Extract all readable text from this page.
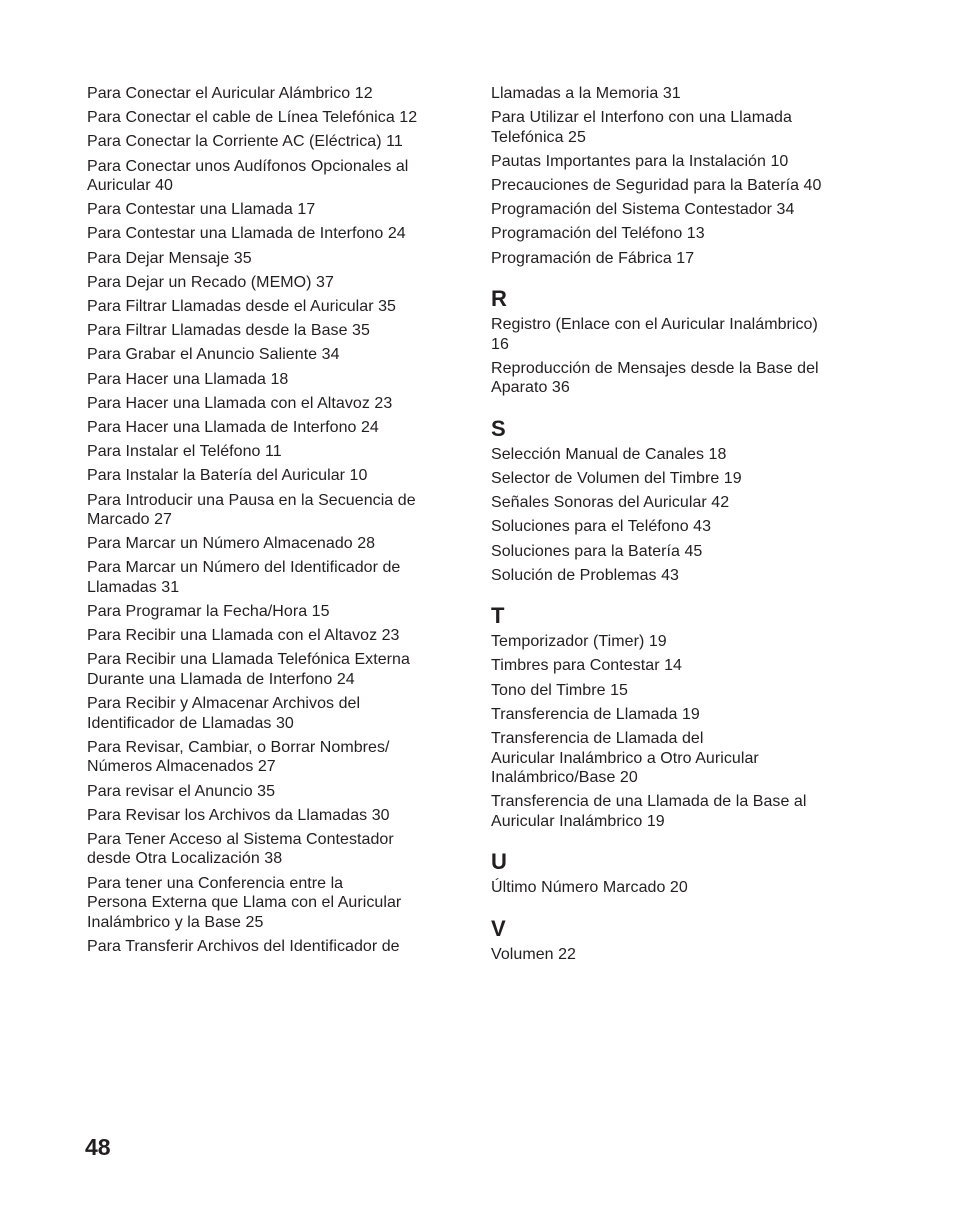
Para Conectar el Auricular Alámbrico 12
Para Conectar el cable de Línea Telefónica 12
Para Conectar la Corriente AC (Eléctrica) 11
Para Conectar unos Audífonos Opcionales al
Auricular 40
Para Contestar una Llamada 17
Para Contestar una Llamada de Interfono 24
Para Dejar Mensaje 35
Para Dejar un Recado (MEMO) 37
Para Filtrar Llamadas desde el Auricular 35
Para Filtrar Llamadas desde la Base 35
Para Grabar el Anuncio Saliente 34
Para Hacer una Llamada 18
Para Hacer una Llamada con el Altavoz 23
Para Hacer una Llamada de Interfono 24
Para Instalar el Teléfono 11
Para Instalar la Batería del Auricular 10
Para Introducir una Pausa en la Secuencia de
Marcado 27
Para Marcar un Número Almacenado 28
Para Marcar un Número del Identificador de
Llamadas 31
Para Programar la Fecha/Hora 15
Para Recibir una Llamada con el Altavoz 23
Para Recibir una Llamada Telefónica Externa
Durante una Llamada de Interfono 24
Para Recibir y Almacenar Archivos del
Identificador de Llamadas 30
Para Revisar, Cambiar, o Borrar Nombres/
Números Almacenados 27
Para revisar el Anuncio 35
Para Revisar los Archivos da Llamadas 30
Para Tener Acceso al Sistema Contestador
desde Otra Localización 38
Para tener una Conferencia entre la
Persona Externa que Llama con el Auricular
Inalámbrico y la Base 25
Para Transferir Archivos del Identificador de
Llamadas a la Memoria 31
Para Utilizar el Interfono con una Llamada
Telefónica 25
Pautas Importantes para la Instalación 10
Precauciones de Seguridad para la Batería 40
Programación del Sistema Contestador 34
Programación del Teléfono 13
Programación de Fábrica 17
R
Registro (Enlace con el Auricular Inalámbrico)
16
Reproducción de Mensajes desde la Base del
Aparato 36
S
Selección Manual de Canales 18
Selector de Volumen del Timbre 19
Señales Sonoras del Auricular 42
Soluciones para el Teléfono 43
Soluciones para la Batería 45
Solución de Problemas 43
T
Temporizador (Timer) 19
Timbres para Contestar 14
Tono del Timbre 15
Transferencia de Llamada 19
Transferencia de Llamada del
Auricular Inalámbrico a Otro Auricular
Inalámbrico/Base 20
Transferencia de una Llamada de la Base al
Auricular Inalámbrico 19
U
Último Número Marcado 20
V
Volumen 22
48
